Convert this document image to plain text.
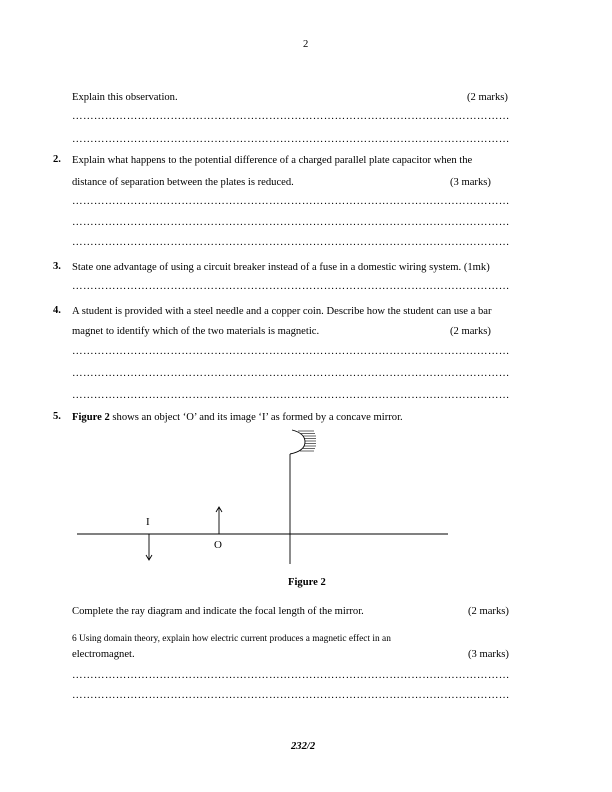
2
Explain this observation.	(2 marks)
…………………………………………………………………………………………………………
…………………………………………………………………………………………………………
2. Explain what happens to the potential difference of a charged parallel plate capacitor when the
distance of separation between the plates is reduced.	(3 marks)
…………………………………………………………………………………………………………
…………………………………………………………………………………………………………
…………………………………………………………………………………………………………
3. State one advantage of using a circuit breaker instead of a fuse in a domestic wiring system. (1mk)
…………………………………………………………………………………………………………
4. A student is provided with a steel needle and a copper coin. Describe how the student can use a bar
magnet to identify which of the two materials is magnetic.	(2 marks)
…………………………………………………………………………………………………………
…………………………………………………………………………………………………………
…………………………………………………………………………………………………………
5. Figure 2 shows an object ‘O’ and its image ‘I’ as formed by a concave mirror.
I
O
Figure 2
Complete the ray diagram and indicate the focal length of the mirror.	(2 marks)
6 Using domain theory, explain how electric current produces a magnetic effect in an
electromagnet.	(3 marks)
…………………………………………………………………………………………………………
…………………………………………………………………………………………………………
232/2
